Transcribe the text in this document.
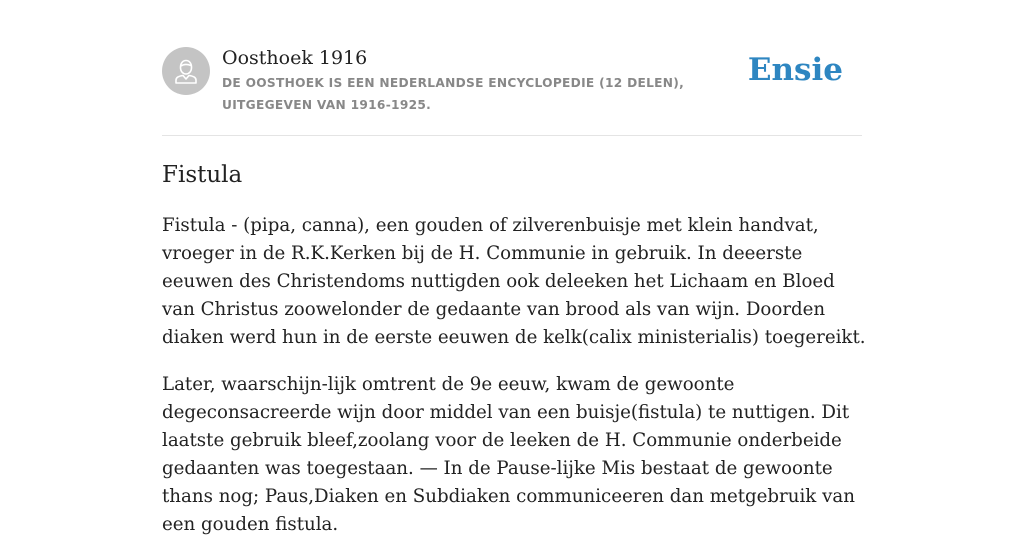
Oosthoek 1916
DE OOSTHOEK IS EEN NEDERLANDSE ENCYCLOPEDIE (12 DELEN), UITGEGEVEN VAN 1916-1925.
Ensie
Fistula

Fistula - (pipa, canna), een gouden of zilverenbuisje met klein handvat, vroeger in de R.K.Kerken bij de H. Communie in gebruik. In deeerste eeuwen des Christendoms nuttigden ook deleeken het Lichaam en Bloed van Christus zoowelonder de gedaante van brood als van wijn. Doorden diaken werd hun in de eerste eeuwen de kelk(calix ministerialis) toegereikt.

Later, waarschijn-lijk omtrent de 9e eeuw, kwam de gewoonte degeconsacreerde wijn door middel van een buisje(fistula) te nuttigen. Dit laatste gebruik bleef,zoolang voor de leeken de H. Communie onderbeide gedaanten was toegestaan. — In de Pause-lijke Mis bestaat de gewoonte thans nog; Paus,Diaken en Subdiaken communiceeren dan metgebruik van een gouden fistula.
